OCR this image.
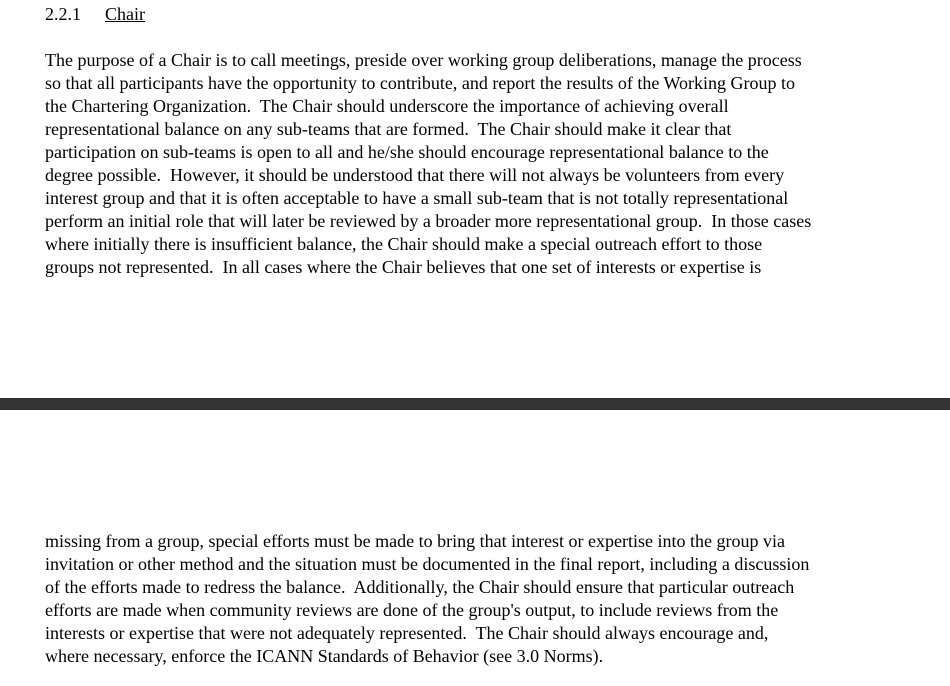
2.2.1 Chair
The purpose of a Chair is to call meetings, preside over working group deliberations, manage the process
so that all participants have the opportunity to contribute, and report the results of the Working Group to
the Chartering Organization.  The Chair should underscore the importance of achieving overall
representational balance on any sub-teams that are formed.  The Chair should make it clear that
participation on sub-teams is open to all and he/she should encourage representational balance to the
degree possible.  However, it should be understood that there will not always be volunteers from every
interest group and that it is often acceptable to have a small sub-team that is not totally representational
perform an initial role that will later be reviewed by a broader more representational group.  In those cases
where initially there is insufficient balance, the Chair should make a special outreach effort to those
groups not represented.  In all cases where the Chair believes that one set of interests or expertise is
missing from a group, special efforts must be made to bring that interest or expertise into the group via
invitation or other method and the situation must be documented in the final report, including a discussion
of the efforts made to redress the balance.  Additionally, the Chair should ensure that particular outreach
efforts are made when community reviews are done of the group's output, to include reviews from the
interests or expertise that were not adequately represented.  The Chair should always encourage and,
where necessary, enforce the ICANN Standards of Behavior (see 3.0 Norms).
